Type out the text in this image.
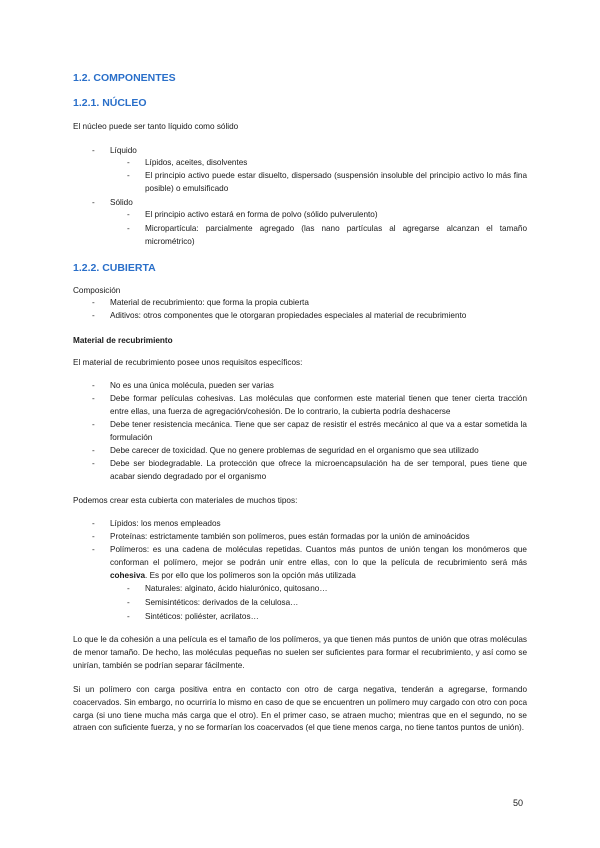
1.2. COMPONENTES
1.2.1. NÚCLEO
El núcleo puede ser tanto líquido como sólido
- Líquido
- Lípidos, aceites, disolventes
- El principio activo puede estar disuelto, dispersado (suspensión insoluble del principio activo lo más fina posible) o emulsificado
- Sólido
- El principio activo estará en forma de polvo (sólido pulverulento)
- Micropartícula: parcialmente agregado (las nano partículas al agregarse alcanzan el tamaño micrométrico)
1.2.2. CUBIERTA
Composición
- Material de recubrimiento: que forma la propia cubierta
- Aditivos: otros componentes que le otorgaran propiedades especiales al material de recubrimiento
Material de recubrimiento
El material de recubrimiento posee unos requisitos específicos:
- No es una única molécula, pueden ser varias
- Debe formar películas cohesivas. Las moléculas que conformen este material tienen que tener cierta tracción entre ellas, una fuerza de agregación/cohesión. De lo contrario, la cubierta podría deshacerse
- Debe tener resistencia mecánica. Tiene que ser capaz de resistir el estrés mecánico al que va a estar sometida la formulación
- Debe carecer de toxicidad. Que no genere problemas de seguridad en el organismo que sea utilizado
- Debe ser biodegradable. La protección que ofrece la microencapsulación ha de ser temporal, pues tiene que acabar siendo degradado por el organismo
Podemos crear esta cubierta con materiales de muchos tipos:
- Lípidos: los menos empleados
- Proteínas: estrictamente también son polímeros, pues están formadas por la unión de aminoácidos
- Polímeros: es una cadena de moléculas repetidas. Cuantos más puntos de unión tengan los monómeros que conforman el polímero, mejor se podrán unir entre ellas, con lo que la película de recubrimiento será más cohesiva. Es por ello que los polímeros son la opción más utilizada
- Naturales: alginato, ácido hialurónico, quitosano…
- Semisintéticos: derivados de la celulosa…
- Sintéticos: poliéster, acrilatos…
Lo que le da cohesión a una película es el tamaño de los polímeros, ya que tienen más puntos de unión que otras moléculas de menor tamaño. De hecho, las moléculas pequeñas no suelen ser suficientes para formar el recubrimiento, y así como se unirían, también se podrían separar fácilmente.
Si un polímero con carga positiva entra en contacto con otro de carga negativa, tenderán a agregarse, formando coacervados. Sin embargo, no ocurriría lo mismo en caso de que se encuentren un polímero muy cargado con otro con poca carga (si uno tiene mucha más carga que el otro). En el primer caso, se atraen mucho; mientras que en el segundo, no se atraen con suficiente fuerza, y no se formarían los coacervados (el que tiene menos carga, no tiene tantos puntos de unión).
50
